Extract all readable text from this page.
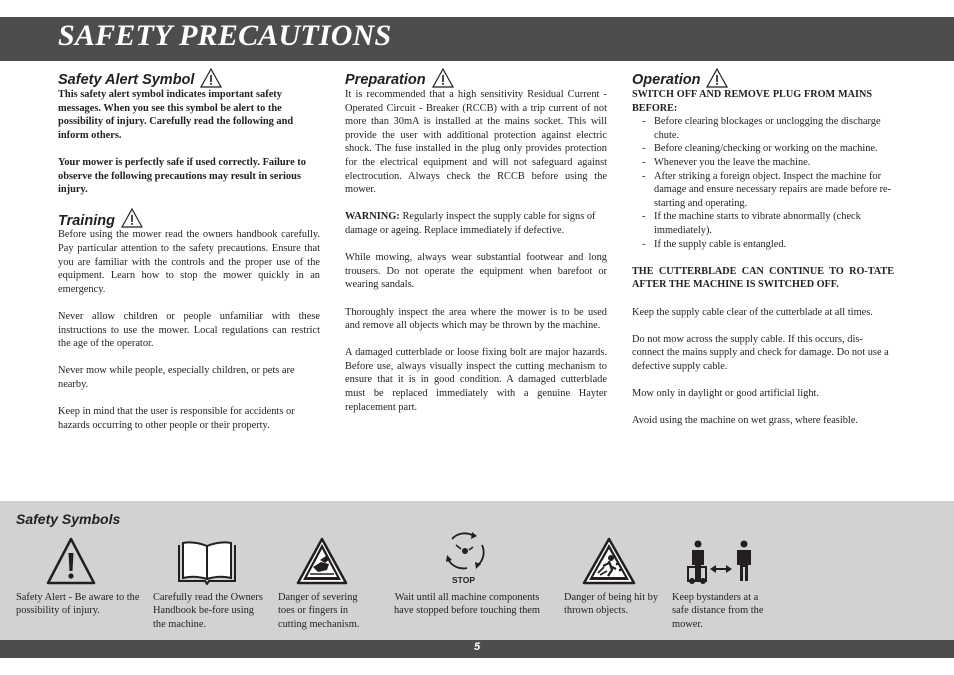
SAFETY PRECAUTIONS
Safety Alert Symbol

This safety alert symbol indicates important safety messages. When you see this symbol be alert to the possibility of injury. Carefully read the following and inform others.

Your mower is perfectly safe if used correctly. Failure to observe the following precautions may result in serious injury.

Training

Before using the mower read the owners handbook carefully. Pay particular attention to the safety precautions. Ensure that you are familiar with the controls and the proper use of the equipment. Learn how to stop the mower quickly in an emergency.

Never allow children or people unfamiliar with these instructions to use the mower. Local regulations can restrict the age of the operator.

Never mow while people, especially children, or pets are nearby.

Keep in mind that the user is responsible for accidents or hazards occurring to other people or their property.

Preparation

It is recommended that a high sensitivity Residual Current - Operated Circuit - Breaker (RCCB) with a trip current of not more than 30mA is installed at the mains socket. This will provide the user with additional protection against electric shock. The fuse installed in the plug only provides protection for the electrical equipment and will not safeguard against electrocution. Always check the RCCB before using the mower.

WARNING: Regularly inspect the supply cable for signs of damage or ageing. Replace immediately if defective.

While mowing, always wear substantial footwear and long trousers. Do not operate the equipment when barefoot or wearing sandals.

Thoroughly inspect the area where the mower is to be used and remove all objects which may be thrown by the machine.

A damaged cutterblade or loose fixing bolt are major hazards. Before use, always visually inspect the cutting mechanism to ensure that it is in good condition. A damaged cutterblade must be replaced immediately with a genuine Hayter replacement part.

Operation

SWITCH OFF AND REMOVE PLUG FROM MAINS BEFORE:

- Before clearing blockages or unclogging the discharge chute.
- Before cleaning/checking or working on the machine.
- Whenever you the leave the machine.
- After striking a foreign object. Inspect the machine for damage and ensure necessary repairs are made before re-starting and operating.
- If the machine starts to vibrate abnormally (check immediately).
- If the supply cable is entangled.

THE CUTTERBLADE CAN CONTINUE TO RO-TATE AFTER THE MACHINE IS SWITCHED OFF.

Keep the supply cable clear of the cutterblade at all times.

Do not mow across the supply cable. If this occurs, dis-connect the mains supply and check for damage. Do not use a defective supply cable.

Mow only in daylight or good artificial light.

Avoid using the machine on wet grass, where feasible.

Safety Symbols
STOP
Safety Alert - Be aware to the possibility of injury.
Carefully read the Owners Handbook be-fore using the machine.
Danger of severing toes or fingers in cutting mechanism.
Wait until all machine components have stopped before touching them
Danger of being hit by thrown objects.
Keep bystanders at a safe distance from the mower.
5
